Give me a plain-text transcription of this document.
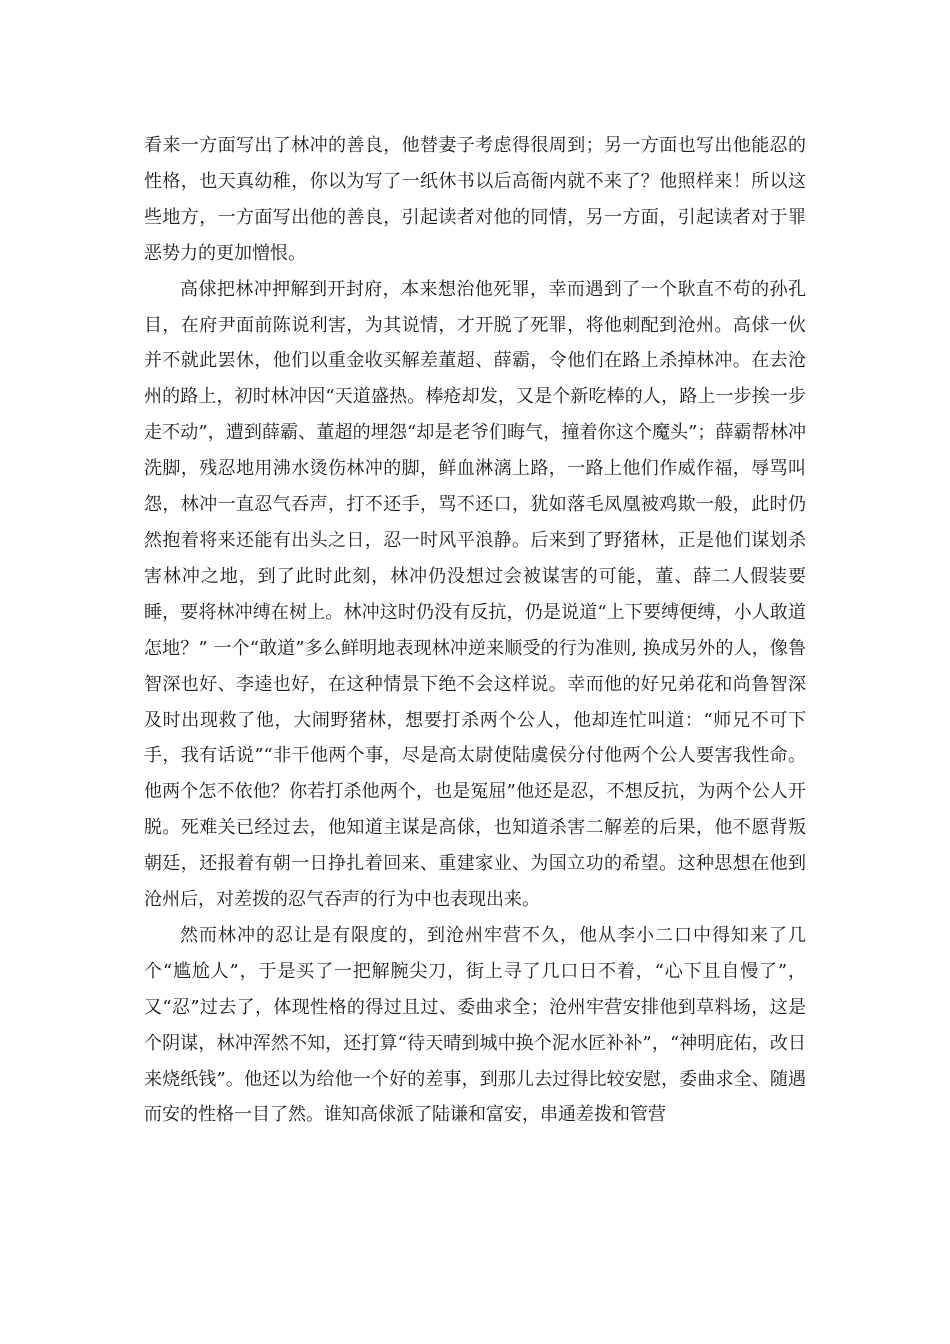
看来一方面写出了林冲的善良，他替妻子考虑得很周到；另一方面也写出他能忍的性格，也天真幼稚，你以为写了一纸休书以后高衙内就不来了？他照样来！所以这些地方，一方面写出他的善良，引起读者对他的同情，另一方面，引起读者对于罪恶势力的更加憎恨。

高俅把林冲押解到开封府，本来想治他死罪，幸而遇到了一个耿直不苟的孙孔目，在府尹面前陈说利害，为其说情，才开脱了死罪，将他刺配到沧州。高俅一伙并不就此罢休，他们以重金收买解差董超、薛霸，令他们在路上杀掉林冲。在去沧州的路上，初时林冲因“天道盛热。棒疮却发，又是个新吃棒的人，路上一步挨一步走不动”，遭到薛霸、董超的埋怨“却是老爷们晦气，撞着你这个魔头”；薛霸帮林冲洗脚，残忍地用沸水烫伤林冲的脚，鲜血淋漓上路，一路上他们作威作福，辱骂叫怨，林冲一直忍气吞声，打不还手，骂不还口，犹如落毛凤凰被鸡欺一般，此时仍然抱着将来还能有出头之日，忍一时风平浪静。后来到了野猪林，正是他们谋划杀害林冲之地，到了此时此刻，林冲仍没想过会被谋害的可能，董、薛二人假装要睡，要将林冲缚在树上。林冲这时仍没有反抗，仍是说道“上下要缚便缚，小人敢道怎地？” 一个“敢道”多么鲜明地表现林冲逆来顺受的行为准则, 换成另外的人，像鲁智深也好、李逵也好，在这种情景下绝不会这样说。幸而他的好兄弟花和尚鲁智深及时出现救了他，大闹野猪林，想要打杀两个公人，他却连忙叫道：“师兄不可下手，我有话说”“非干他两个事，尽是高太尉使陆虞侯分付他两个公人要害我性命。他两个怎不依他？你若打杀他两个，也是冤屈”他还是忍，不想反抗，为两个公人开脱。死难关已经过去，他知道主谋是高俅，也知道杀害二解差的后果，他不愿背叛朝廷，还报着有朝一日挣扎着回来、重建家业、为国立功的希望。这种思想在他到沧州后，对差拨的忍气吞声的行为中也表现出来。

然而林冲的忍让是有限度的，到沧州牢营不久，他从李小二口中得知来了几个“尴尬人”，于是买了一把解腕尖刀，街上寻了几口日不着，“心下且自慢了”，又“忍”过去了，体现性格的得过且过、委曲求全；沧州牢营安排他到草料场，这是个阴谋，林冲浑然不知，还打算“待天晴到城中换个泥水匠补补”，“神明庇佑，改日来烧纸钱”。他还以为给他一个好的差事，到那儿去过得比较安慰，委曲求全、随遇而安的性格一目了然。谁知高俅派了陆谦和富安，串通差拨和管营
